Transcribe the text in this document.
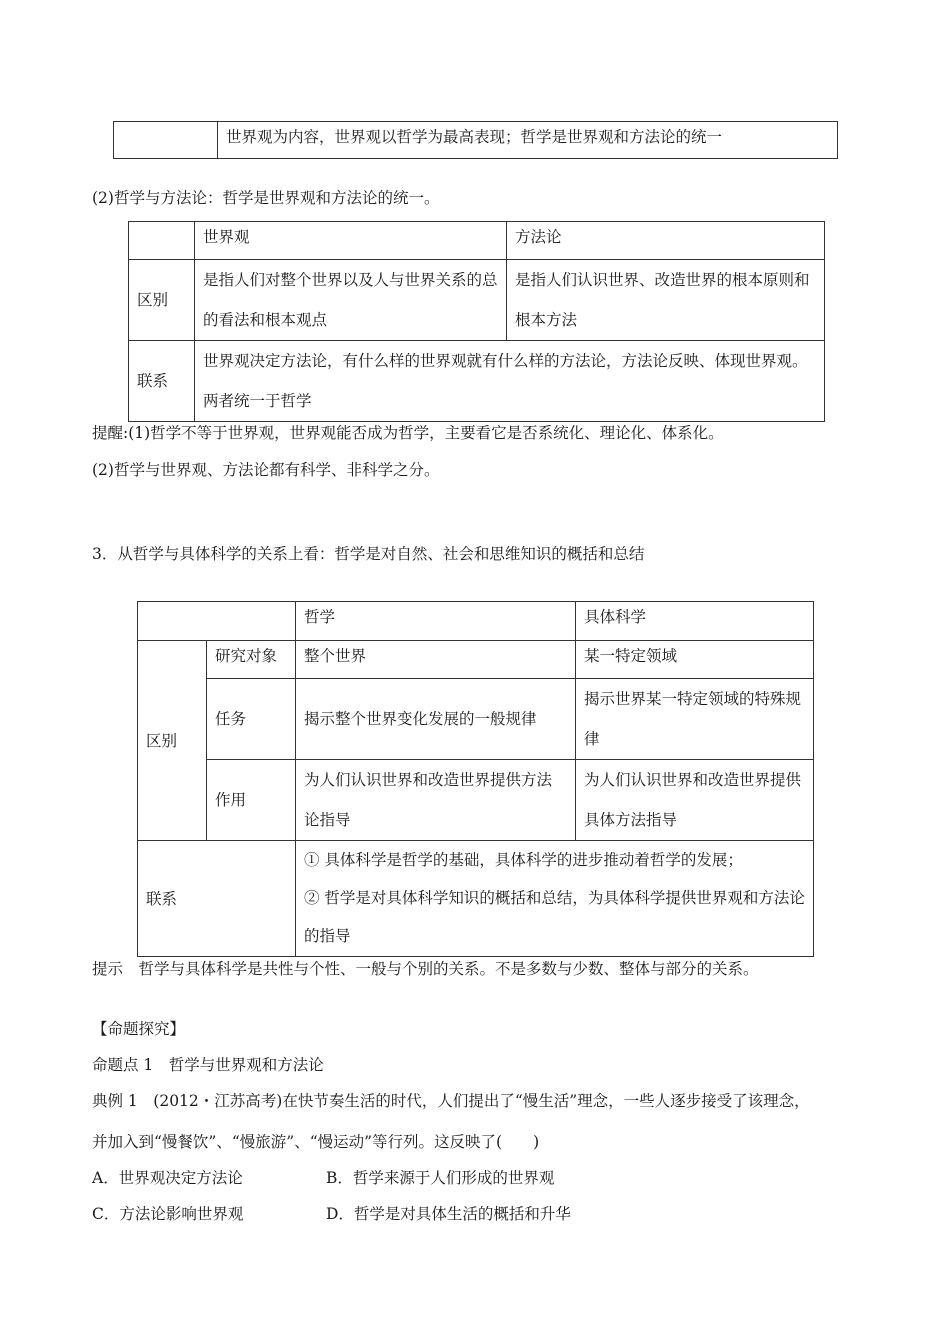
	世界观为内容，世界观以哲学为最高表现；哲学是世界观和方法论的统一
(2)哲学与方法论：哲学是世界观和方法论的统一。
	世界观	方法论
区别	是指人们对整个世界以及人与世界关系的总的看法和根本观点	是指人们认识世界、改造世界的根本原则和根本方法
联系	世界观决定方法论，有什么样的世界观就有什么样的方法论，方法论反映、体现世界观。两者统一于哲学	
提醒:(1)哲学不等于世界观，世界观能否成为哲学，主要看它是否系统化、理论化、体系化。
(2)哲学与世界观、方法论都有科学、非科学之分。
3．从哲学与具体科学的关系上看：哲学是对自然、社会和思维知识的概括和总结
		哲学	具体科学
区别	研究对象	整个世界	某一特定领域
	任务	揭示整个世界变化发展的一般规律	揭示世界某一特定领域的特殊规律
	作用	为人们认识世界和改造世界提供方法论指导	为人们认识世界和改造世界提供具体方法指导
联系		① 具体科学是哲学的基础，具体科学的进步推动着哲学的发展；
② 哲学是对具体科学知识的概括和总结，为具体科学提供世界观和方法论的指导	
提示　哲学与具体科学是共性与个性、一般与个别的关系。不是多数与少数、整体与部分的关系。
【命题探究】
命题点 1　哲学与世界观和方法论
典例 1　(2012・江苏高考)在快节奏生活的时代，人们提出了“慢生活”理念，一些人逐步接受了该理念，
并加入到“慢餐饮”、“慢旅游”、“慢运动”等行列。这反映了(　　)
A．世界观决定方法论	B．哲学来源于人们形成的世界观
C．方法论影响世界观	D．哲学是对具体生活的概括和升华
